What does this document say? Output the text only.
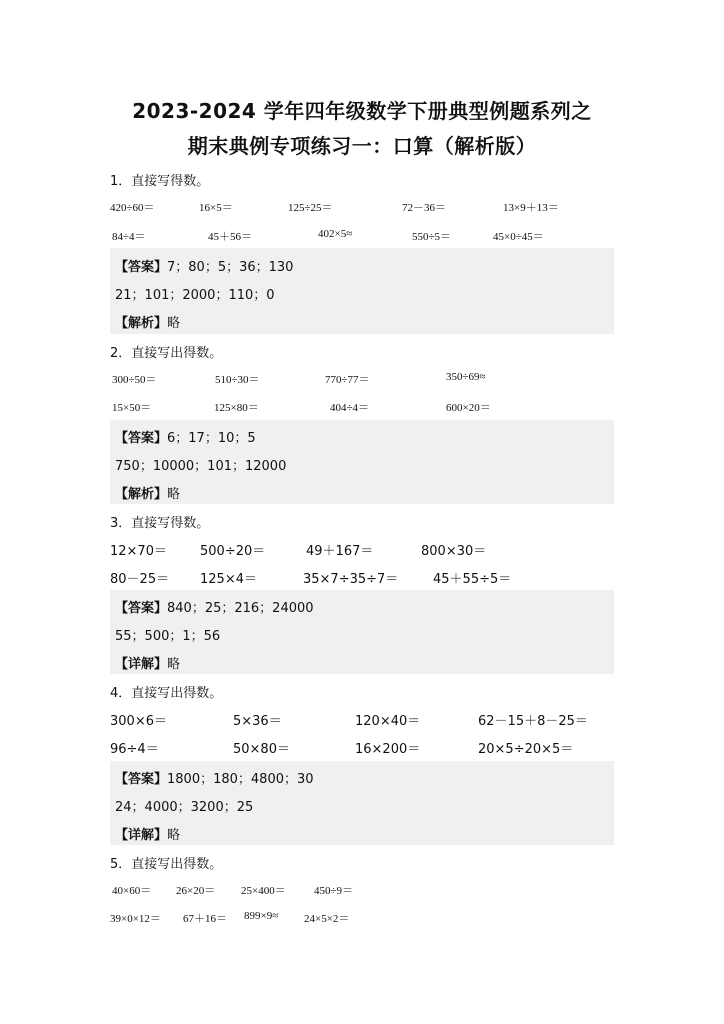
2023-2024 学年四年级数学下册典型例题系列之
期末典例专项练习一：口算（解析版）
1．直接写得数。
420÷60＝	16×5＝	125÷25＝	72－36＝	13×9＋13＝
84÷4＝	45＋56＝	402×5≈	550÷5＝	45×0÷45＝
【答案】7；80；5；36；130
21；101；2000；110；0
【解析】略
2．直接写出得数。
300÷50＝	510÷30＝	770÷77＝	350÷69≈
15×50＝	125×80＝	404÷4＝	600×20＝
【答案】6；17；10；5
750；10000；101；12000
【解析】略
3．直接写得数。
12×70＝	500÷20＝	49＋167＝	800×30＝
80－25＝ 125×4＝	35×7÷35÷7＝	45＋55÷5＝
【答案】840；25；216；24000
55；500；1；56
【详解】略
4．直接写出得数。
300×6＝	5×36＝	120×40＝	62－15＋8－25＝
96÷4＝	50×80＝	16×200＝	20×5÷20×5＝
【答案】1800；180；4800；30
24；4000；3200；25
【详解】略
5．直接写出得数。
40×60＝ 26×20＝ 25×400＝	450÷9＝
39×0×12＝ 67＋16＝ 899×9≈ 24×5×2＝
